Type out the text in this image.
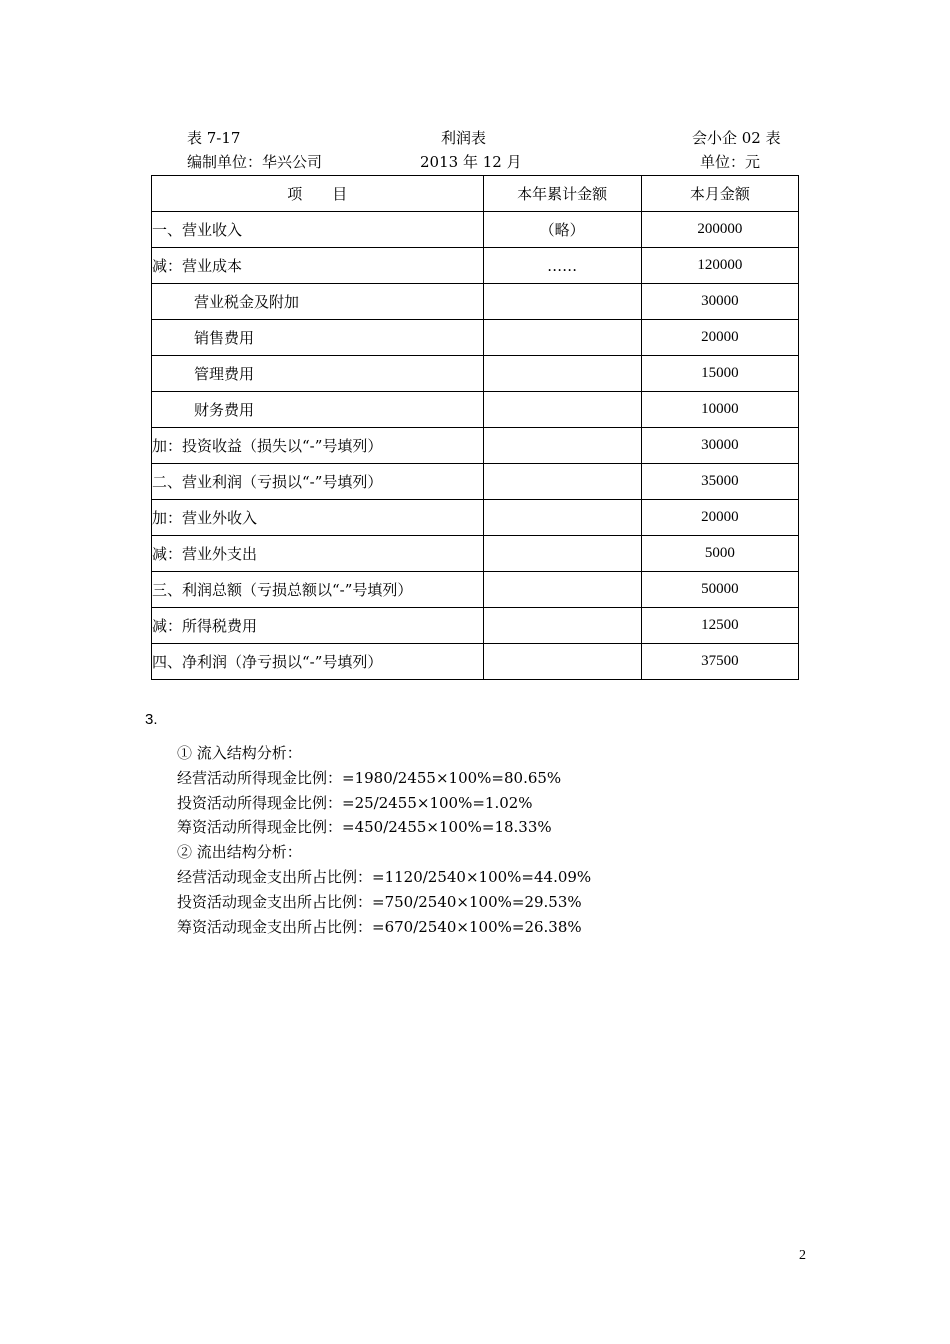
表 7-17	利润表	会小企 02 表
编制单位：华兴公司	2013 年 12 月	单位：元
项　　目	本年累计金额	本月金额
一、营业收入	（略）	200000
减：营业成本	……	120000
营业税金及附加		30000
销售费用		20000
管理费用		15000
财务费用		10000
加：投资收益（损失以“-”号填列）		30000
二、营业利润（亏损以“-”号填列）		35000
加：营业外收入		20000
减：营业外支出		5000
三、利润总额（亏损总额以“-”号填列）		50000
减：所得税费用		12500
四、净利润（净亏损以“-”号填列）		37500
3.
① 流入结构分析：
经营活动所得现金比例：=1980/2455×100%=80.65%
投资活动所得现金比例：=25/2455×100%=1.02%
筹资活动所得现金比例：=450/2455×100%=18.33%
② 流出结构分析：
经营活动现金支出所占比例：=1120/2540×100%=44.09%
投资活动现金支出所占比例：=750/2540×100%=29.53%
筹资活动现金支出所占比例：=670/2540×100%=26.38%
2
